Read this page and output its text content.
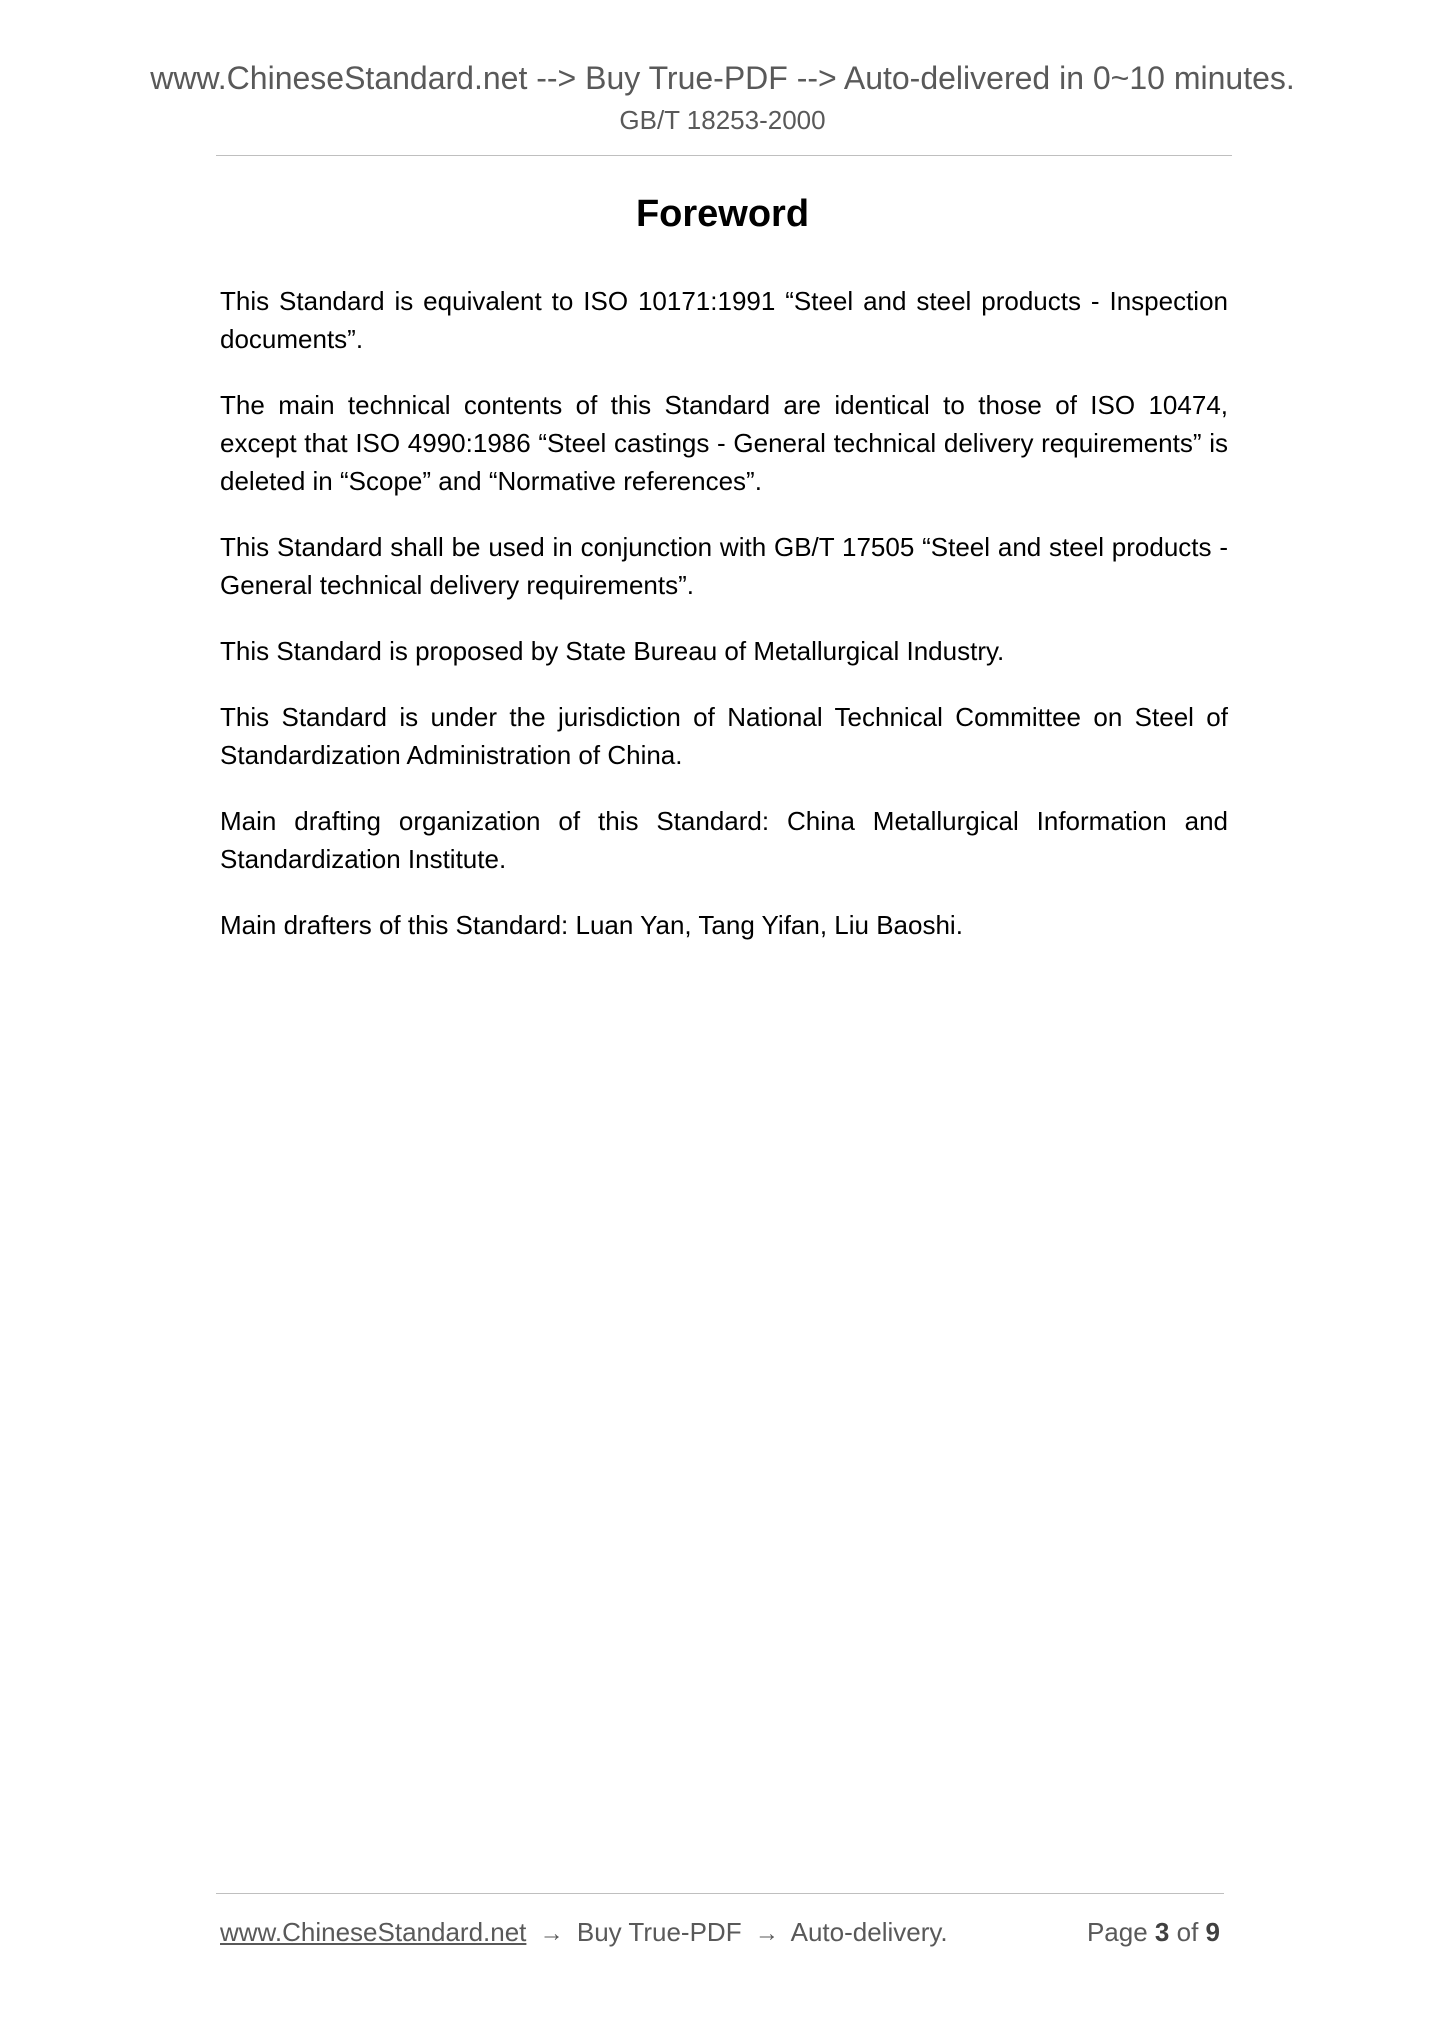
www.ChineseStandard.net --> Buy True-PDF --> Auto-delivered in 0~10 minutes.
GB/T 18253-2000
Foreword

This Standard is equivalent to ISO 10171:1991 “Steel and steel products - Inspection documents”.

The main technical contents of this Standard are identical to those of ISO 10474, except that ISO 4990:1986 “Steel castings - General technical delivery requirements” is deleted in “Scope” and “Normative references”.

This Standard shall be used in conjunction with GB/T 17505 “Steel and steel products - General technical delivery requirements”.

This Standard is proposed by State Bureau of Metallurgical Industry.

This Standard is under the jurisdiction of National Technical Committee on Steel of Standardization Administration of China.

Main drafting organization of this Standard: China Metallurgical Information and Standardization Institute.

Main drafters of this Standard: Luan Yan, Tang Yifan, Liu Baoshi.

www.ChineseStandard.net → Buy True-PDF → Auto-delivery.	Page 3 of 9
